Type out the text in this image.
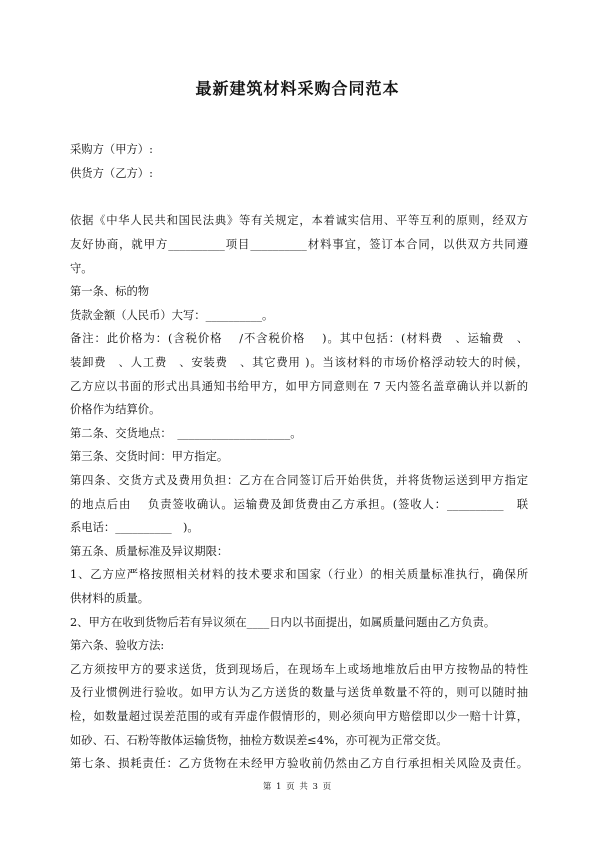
最新建筑材料采购合同范本
采购方（甲方）:
供货方（乙方）:
依据《中华人民共和国民法典》等有关规定，本着诚实信用、平等互利的原则，经双方
友好协商，就甲方__________项目__________材料事宜，签订本合同，以供双方共同遵
守。
第一条、标的物
货款金额（人民币）大写：__________。
备注：此价格为：(含税价格　 /不含税价格　 )。其中包括：(材料费　、运输费　、
装卸费　、人工费　、安装费　、其它费用 )。当该材料的市场价格浮动较大的时候，
乙方应以书面的形式出具通知书给甲方，如甲方同意则在 7 天内签名盖章确认并以新的
价格作为结算价。
第二条、交货地点：　____________________。
第三条、交货时间：甲方指定。
第四条、交货方式及费用负担：乙方在合同签订后开始供货，并将货物运送到甲方指定
的地点后由　 负责签收确认。运输费及卸货费由乙方承担。(签收人：__________　联
系电话：__________　)。
第五条、质量标准及异议期限：
1、乙方应严格按照相关材料的技术要求和国家（行业）的相关质量标准执行，确保所
供材料的质量。
2、甲方在收到货物后若有异议须在____日内以书面提出，如属质量问题由乙方负责。
第六条、验收方法:
乙方须按甲方的要求送货，货到现场后，在现场车上或场地堆放后由甲方按物品的特性
及行业惯例进行验收。如甲方认为乙方送货的数量与送货单数量不符的，则可以随时抽
检，如数量超过误差范围的或有弄虚作假情形的，则必须向甲方赔偿即以少一赔十计算，
如砂、石、石粉等散体运输货物，抽检方数误差≤4%，亦可视为正常交货。
第七条、损耗责任：乙方货物在未经甲方验收前仍然由乙方自行承担相关风险及责任。
第 1 页 共 3 页
